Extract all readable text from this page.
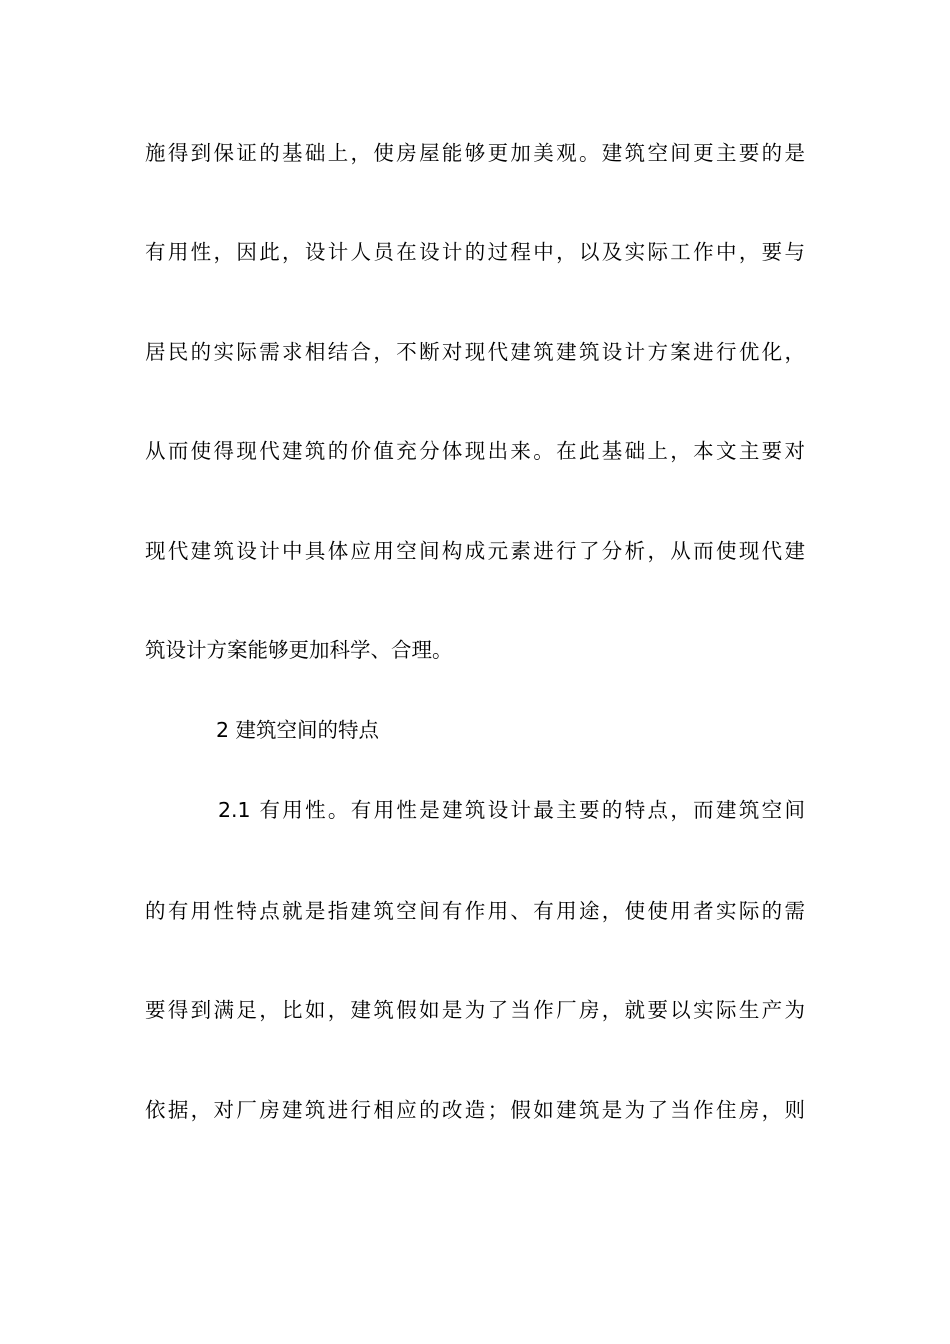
施得到保证的基础上，使房屋能够更加美观。建筑空间更主要的是
有用性，因此，设计人员在设计的过程中，以及实际工作中，要与
居民的实际需求相结合，不断对现代建筑建筑设计方案进行优化，
从而使得现代建筑的价值充分体现出来。在此基础上，本文主要对
现代建筑设计中具体应用空间构成元素进行了分析，从而使现代建
筑设计方案能够更加科学、合理。
2 建筑空间的特点
2.1 有用性。有用性是建筑设计最主要的特点，而建筑空间
的有用性特点就是指建筑空间有作用、有用途，使使用者实际的需
要得到满足，比如，建筑假如是为了当作厂房，就要以实际生产为
依据，对厂房建筑进行相应的改造；假如建筑是为了当作住房，则
